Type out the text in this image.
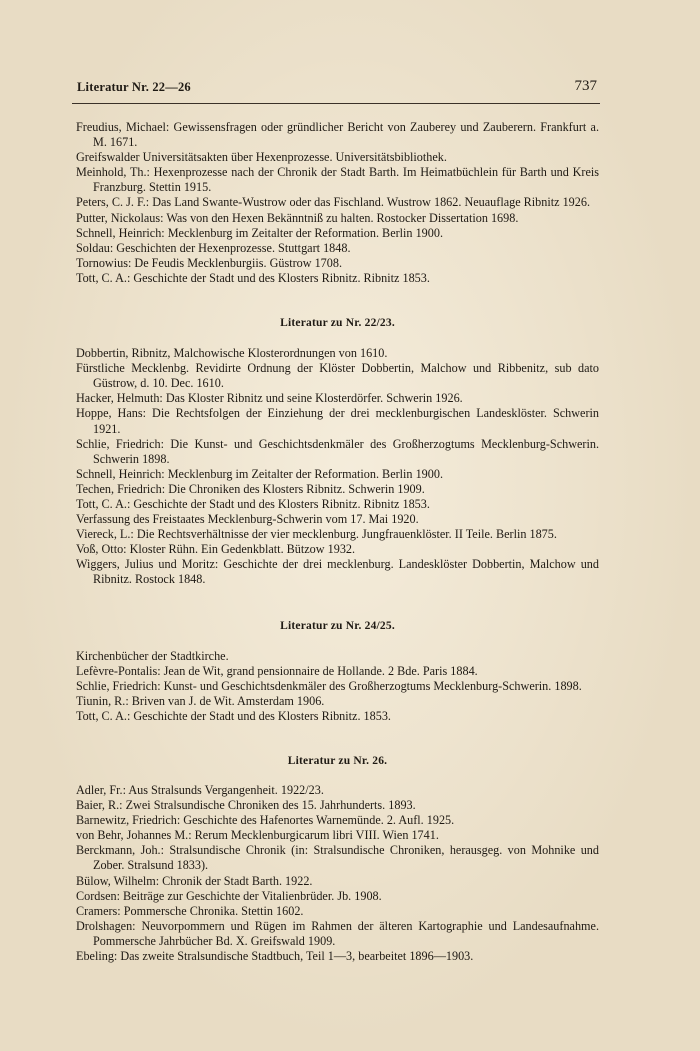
Literatur Nr. 22—26	737

Freudius, Michael: Gewissensfragen oder gründlicher Bericht von Zauberey und Zauberern. Frankfurt a. M. 1671.

Greifswalder Universitätsakten über Hexenprozesse. Universitätsbibliothek.

Meinhold, Th.: Hexenprozesse nach der Chronik der Stadt Barth. Im Heimatbüchlein für Barth und Kreis Franzburg. Stettin 1915.

Peters, C. J. F.: Das Land Swante-Wustrow oder das Fischland. Wustrow 1862. Neuauflage Ribnitz 1926.

Putter, Nickolaus: Was von den Hexen Bekänntniß zu halten. Rostocker Dissertation 1698.

Schnell, Heinrich: Mecklenburg im Zeitalter der Reformation. Berlin 1900.

Soldau: Geschichten der Hexenprozesse. Stuttgart 1848.

Tornowius: De Feudis Mecklenburgiis. Güstrow 1708.

Tott, C. A.: Geschichte der Stadt und des Klosters Ribnitz. Ribnitz 1853.

Literatur zu Nr. 22/23.

Dobbertin, Ribnitz, Malchowische Klosterordnungen von 1610.

Fürstliche Mecklenbg. Revidirte Ordnung der Klöster Dobbertin, Malchow und Ribbenitz, sub dato Güstrow, d. 10. Dec. 1610.

Hacker, Helmuth: Das Kloster Ribnitz und seine Klosterdörfer. Schwerin 1926.

Hoppe, Hans: Die Rechtsfolgen der Einziehung der drei mecklenburgischen Landesklöster. Schwerin 1921.

Schlie, Friedrich: Die Kunst- und Geschichtsdenkmäler des Großherzogtums Mecklenburg-Schwerin. Schwerin 1898.

Schnell, Heinrich: Mecklenburg im Zeitalter der Reformation. Berlin 1900.

Techen, Friedrich: Die Chroniken des Klosters Ribnitz. Schwerin 1909.

Tott, C. A.: Geschichte der Stadt und des Klosters Ribnitz. Ribnitz 1853.

Verfassung des Freistaates Mecklenburg-Schwerin vom 17. Mai 1920.

Viereck, L.: Die Rechtsverhältnisse der vier mecklenburg. Jungfrauenklöster. II Teile. Berlin 1875.

Voß, Otto: Kloster Rühn. Ein Gedenkblatt. Bützow 1932.

Wiggers, Julius und Moritz: Geschichte der drei mecklenburg. Landesklöster Dobbertin, Malchow und Ribnitz. Rostock 1848.

Literatur zu Nr. 24/25.

Kirchenbücher der Stadtkirche.

Lefèvre-Pontalis: Jean de Wit, grand pensionnaire de Hollande. 2 Bde. Paris 1884.

Schlie, Friedrich: Kunst- und Geschichtsdenkmäler des Großherzogtums Mecklenburg-Schwerin. 1898.

Tiunin, R.: Briven van J. de Wit. Amsterdam 1906.

Tott, C. A.: Geschichte der Stadt und des Klosters Ribnitz. 1853.

Literatur zu Nr. 26.

Adler, Fr.: Aus Stralsunds Vergangenheit. 1922/23.

Baier, R.: Zwei Stralsundische Chroniken des 15. Jahrhunderts. 1893.

Barnewitz, Friedrich: Geschichte des Hafenortes Warnemünde. 2. Aufl. 1925.

von Behr, Johannes M.: Rerum Mecklenburgicarum libri VIII. Wien 1741.

Berckmann, Joh.: Stralsundische Chronik (in: Stralsundische Chroniken, herausgeg. von Mohnike und Zober. Stralsund 1833).

Bülow, Wilhelm: Chronik der Stadt Barth. 1922.

Cordsen: Beiträge zur Geschichte der Vitalienbrüder. Jb. 1908.

Cramers: Pommersche Chronika. Stettin 1602.

Drolshagen: Neuvorpommern und Rügen im Rahmen der älteren Kartographie und Landesaufnahme. Pommersche Jahrbücher Bd. X. Greifswald 1909.

Ebeling: Das zweite Stralsundische Stadtbuch, Teil 1—3, bearbeitet 1896—1903.
